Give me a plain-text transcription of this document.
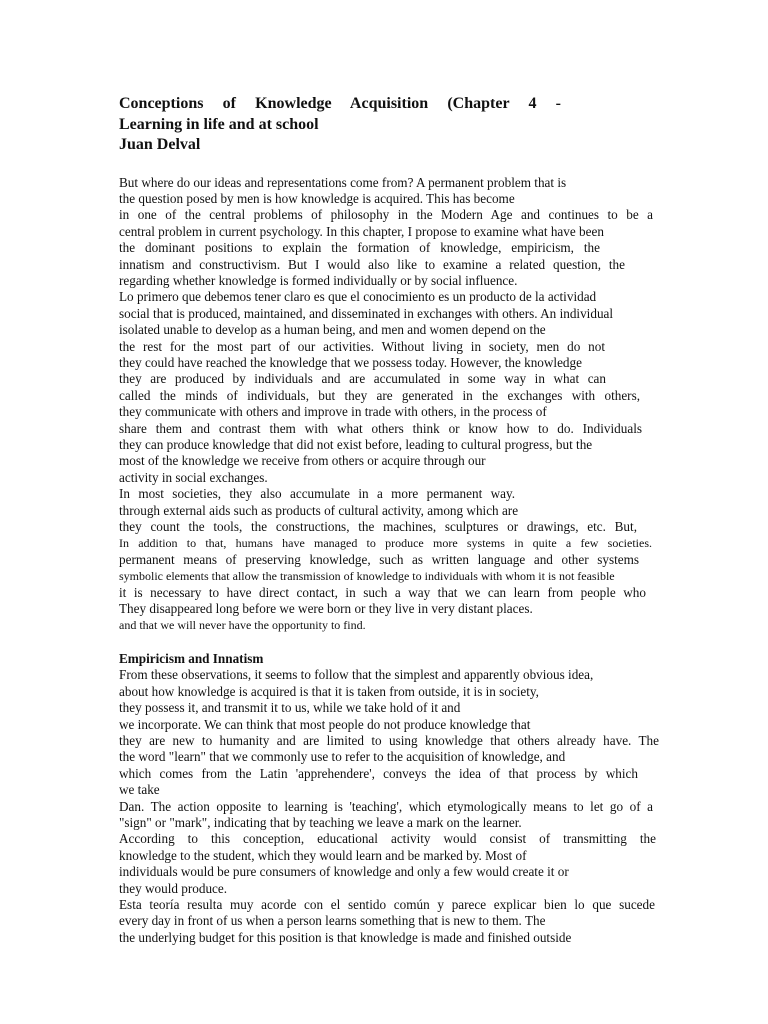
Conceptions of Knowledge Acquisition (Chapter 4 -
Learning in life and at school
Juan Delval
But where do our ideas and representations come from? A permanent problem that is
the question posed by men is how knowledge is acquired. This has become
in one of the central problems of philosophy in the Modern Age and continues to be a
central problem in current psychology. In this chapter, I propose to examine what have been
the dominant positions to explain the formation of knowledge, empiricism, the
innatism and constructivism. But I would also like to examine a related question, the
regarding whether knowledge is formed individually or by social influence.
Lo primero que debemos tener claro es que el conocimiento es un producto de la actividad
social that is produced, maintained, and disseminated in exchanges with others. An individual
isolated unable to develop as a human being, and men and women depend on the
the rest for the most part of our activities. Without living in society, men do not
they could have reached the knowledge that we possess today. However, the knowledge
they are produced by individuals and are accumulated in some way in what can
called the minds of individuals, but they are generated in the exchanges with others,
they communicate with others and improve in trade with others, in the process of
share them and contrast them with what others think or know how to do. Individuals
they can produce knowledge that did not exist before, leading to cultural progress, but the
most of the knowledge we receive from others or acquire through our
activity in social exchanges.
In most societies, they also accumulate in a more permanent way.
through external aids such as products of cultural activity, among which are
they count the tools, the constructions, the machines, sculptures or drawings, etc. But,
In addition to that, humans have managed to produce more systems in quite a few societies.
permanent means of preserving knowledge, such as written language and other systems
symbolic elements that allow the transmission of knowledge to individuals with whom it is not feasible
it is necessary to have direct contact, in such a way that we can learn from people who
They disappeared long before we were born or they live in very distant places.
and that we will never have the opportunity to find.
Empiricism and Innatism
From these observations, it seems to follow that the simplest and apparently obvious idea,
about how knowledge is acquired is that it is taken from outside, it is in society,
they possess it, and transmit it to us, while we take hold of it and
we incorporate. We can think that most people do not produce knowledge that
they are new to humanity and are limited to using knowledge that others already have. The
the word "learn" that we commonly use to refer to the acquisition of knowledge, and
which comes from the Latin 'apprehendere', conveys the idea of that process by which
we take
Dan. The action opposite to learning is 'teaching', which etymologically means to let go of a
"sign" or "mark", indicating that by teaching we leave a mark on the learner.
According to this conception, educational activity would consist of transmitting the
knowledge to the student, which they would learn and be marked by. Most of
individuals would be pure consumers of knowledge and only a few would create it or
they would produce.
Esta teoría resulta muy acorde con el sentido común y parece explicar bien lo que sucede
every day in front of us when a person learns something that is new to them. The
the underlying budget for this position is that knowledge is made and finished outside
